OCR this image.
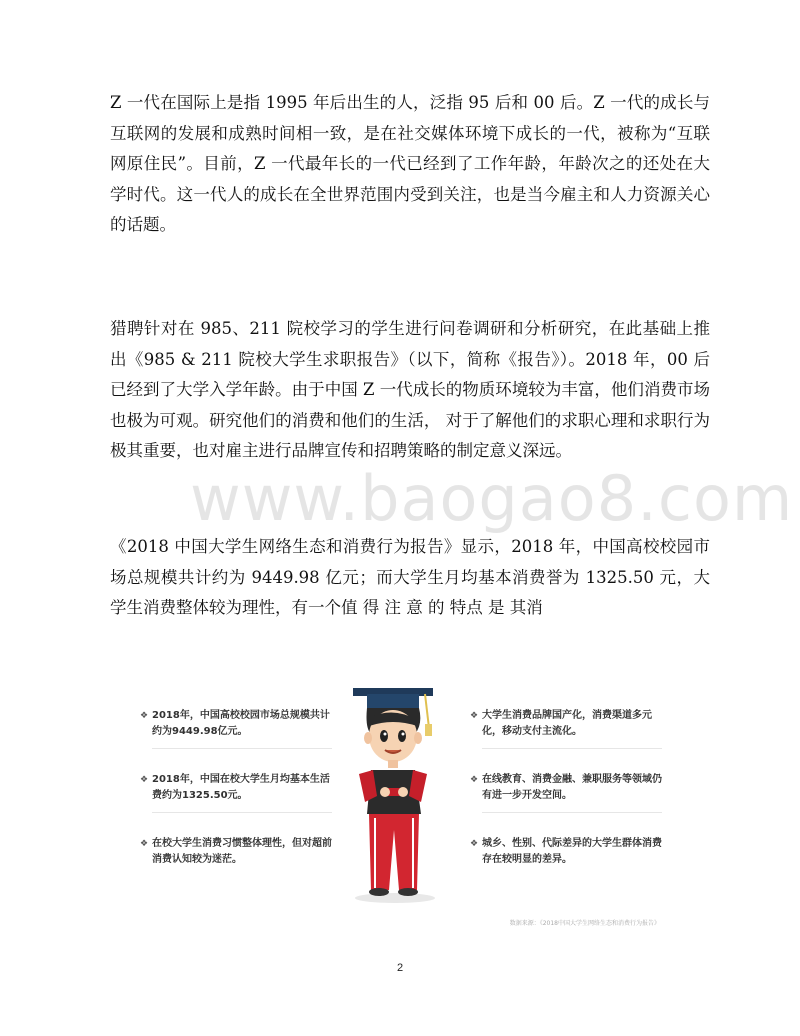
Z 一代在国际上是指 1995 年后出生的人，泛指 95 后和 00 后。Z 一代的成长与互联网的发展和成熟时间相一致，是在社交媒体环境下成长的一代，被称为“互联网原住民”。目前，Z 一代最年长的一代已经到了工作年龄，年龄次之的还处在大学时代。这一代人的成长在全世界范围内受到关注，也是当今雇主和人力资源关心的话题。

猎聘针对在 985、211 院校学习的学生进行问卷调研和分析研究，在此基础上推出《985 & 211 院校大学生求职报告》（以下，简称《报告》）。2018 年，00 后已经到了大学入学年龄。由于中国 Z 一代成长的物质环境较为丰富，他们消费市场也极为可观。研究他们的消费和他们的生活， 对于了解他们的求职心理和求职行为极其重要，也对雇主进行品牌宣传和招聘策略的制定意义深远。

《2018 中国大学生网络生态和消费行为报告》显示，2018 年，中国高校校园市场总规模共计约为 9449.98 亿元；而大学生月均基本消费誉为 1325.50 元，大学生消费整体较为理性，有一个值 得 注 意 的 特点 是 其消

www.baogao8.com
❖ 2018年，中国高校校园市场总规模共计约为9449.98亿元。
❖ 2018年，中国在校大学生月均基本生活费约为1325.50元。
❖ 在校大学生消费习惯整体理性，但对超前消费认知较为迷茫。
❖ 大学生消费品牌国产化，消费渠道多元化，移动支付主流化。
❖ 在线教育、消费金融、兼职服务等领域仍有进一步开发空间。
❖ 城乡、性别、代际差异的大学生群体消费存在较明显的差异。
数据来源：《2018中国大学生网络生态和消费行为报告》
2
